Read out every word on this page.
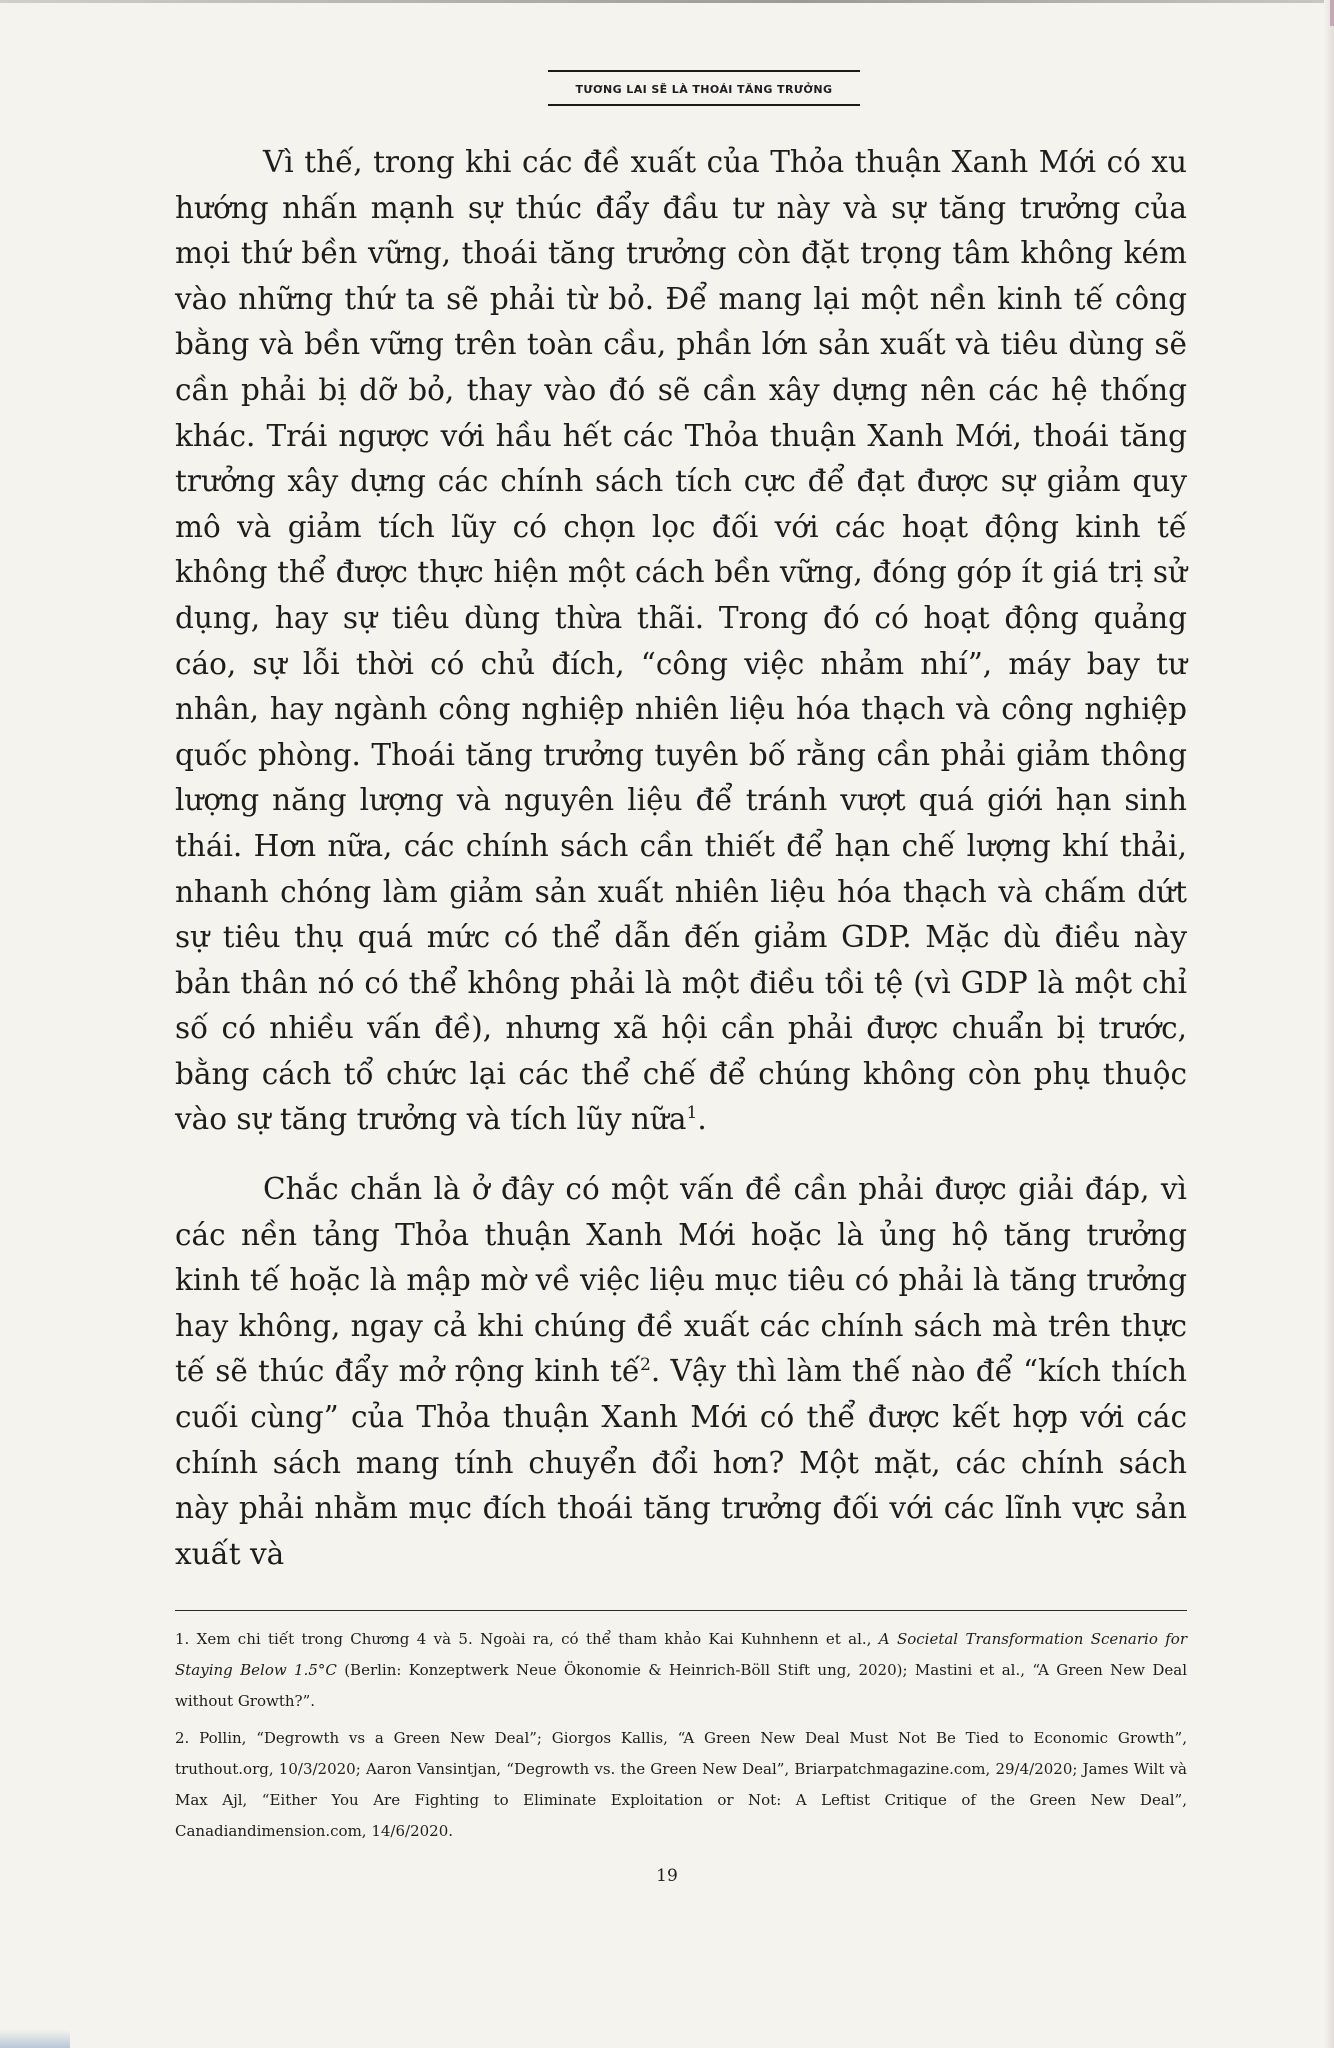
TƯƠNG LAI SẼ LÀ THOÁI TĂNG TRƯỞNG

Vì thế, trong khi các đề xuất của Thỏa thuận Xanh Mới có xu hướng nhấn mạnh sự thúc đẩy đầu tư này và sự tăng trưởng của mọi thứ bền vững, thoái tăng trưởng còn đặt trọng tâm không kém vào những thứ ta sẽ phải từ bỏ. Để mang lại một nền kinh tế công bằng và bền vững trên toàn cầu, phần lớn sản xuất và tiêu dùng sẽ cần phải bị dỡ bỏ, thay vào đó sẽ cần xây dựng nên các hệ thống khác. Trái ngược với hầu hết các Thỏa thuận Xanh Mới, thoái tăng trưởng xây dựng các chính sách tích cực để đạt được sự giảm quy mô và giảm tích lũy có chọn lọc đối với các hoạt động kinh tế không thể được thực hiện một cách bền vững, đóng góp ít giá trị sử dụng, hay sự tiêu dùng thừa thãi. Trong đó có hoạt động quảng cáo, sự lỗi thời có chủ đích, “công việc nhảm nhí”, máy bay tư nhân, hay ngành công nghiệp nhiên liệu hóa thạch và công nghiệp quốc phòng. Thoái tăng trưởng tuyên bố rằng cần phải giảm thông lượng năng lượng và nguyên liệu để tránh vượt quá giới hạn sinh thái. Hơn nữa, các chính sách cần thiết để hạn chế lượng khí thải, nhanh chóng làm giảm sản xuất nhiên liệu hóa thạch và chấm dứt sự tiêu thụ quá mức có thể dẫn đến giảm GDP. Mặc dù điều này bản thân nó có thể không phải là một điều tồi tệ (vì GDP là một chỉ số có nhiều vấn đề), nhưng xã hội cần phải được chuẩn bị trước, bằng cách tổ chức lại các thể chế để chúng không còn phụ thuộc vào sự tăng trưởng và tích lũy nữa$^1$.

Chắc chắn là ở đây có một vấn đề cần phải được giải đáp, vì các nền tảng Thỏa thuận Xanh Mới hoặc là ủng hộ tăng trưởng kinh tế hoặc là mập mờ về việc liệu mục tiêu có phải là tăng trưởng hay không, ngay cả khi chúng đề xuất các chính sách mà trên thực tế sẽ thúc đẩy mở rộng kinh tế$^2$. Vậy thì làm thế nào để “kích thích cuối cùng” của Thỏa thuận Xanh Mới có thể được kết hợp với các chính sách mang tính chuyển đổi hơn? Một mặt, các chính sách này phải nhằm mục đích thoái tăng trưởng đối với các lĩnh vực sản xuất và

1. Xem chi tiết trong Chương 4 và 5. Ngoài ra, có thể tham khảo Kai Kuhnhenn et al., A Societal Transformation Scenario for Staying Below 1.5°C (Berlin: Konzeptwerk Neue Ökonomie & Heinrich-Böll Stift ung, 2020); Mastini et al., “A Green New Deal without Growth?”.

2. Pollin, “Degrowth vs a Green New Deal”; Giorgos Kallis, “A Green New Deal Must Not Be Tied to Economic Growth”, truthout.org, 10/3/2020; Aaron Vansintjan, “Degrowth vs. the Green New Deal”, Briarpatchmagazine.com, 29/4/2020; James Wilt và Max Ajl, “Either You Are Fighting to Eliminate Exploitation or Not: A Leftist Critique of the Green New Deal”, Canadiandimension.com, 14/6/2020.

19
